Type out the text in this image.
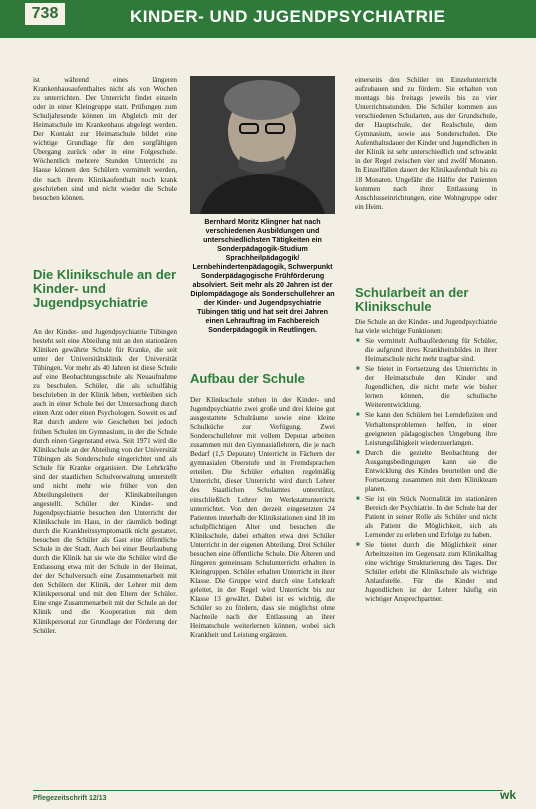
KINDER- UND JUGENDPSYCHIATRIE
738

ist während eines längeren Krankenhausaufenthaltes nicht als von Wochen zu unterrichten. Der Unterricht findet einzeln oder in einer Kleingruppe statt. Prüfungen zum Schuljahrsende können im Abgleich mit der Heimatschule im Krankenhaus abgelegt werden. Der Kontakt zur Heimatschule bildet eine wichtige Grundlage für den sorgfältigen Übergang zurück oder in eine Folgeschule. Wöchentlich mehrere Stunden Unterricht zu Hause können den Schülern vermittelt werden, die nach ihrem Klinikaufenthalt noch krank geschrieben sind und nicht wieder die Schule besuchen können.

Die Klinikschule an der Kinder- und Jugendpsychiatrie

An der Kinder- und Jugendpsychiatrie Tübingen besteht seit eine Abteilung mit an den stationären Kliniken gewährte Schule für Kranke, die seit unter der Universitätsklinik der Universität Tübingen. Vor mehr als 40 Jahren ist diese Schule auf eine Beobachtungsschule als Neuaufnahme zu beschulen. Schüler, die als schulfähig beschrieben in der Klinik leben, verbleiben sich auch in einer Schule bei der Untersuchung durch einen Arzt oder einen Psychologen. Soweit es auf Rat durch andere wie Geschehen bei jedoch frühen Schulen im Gymnasium, in der die Schule durch einen Gegenstand etwa. Seit 1971 wird die Klinikschule an der Abteilung von der Universität Tübingen als Sonderschule eingerichtet und als Schule für Kranke organisiert. Die Lehrkräfte sind der staatlichen Schulverwaltung unterstellt und nicht mehr wie früher von den Abteilungsleitern der Klinikabteilungen angestellt. Schüler der Kinder- und Jugendpsychiatrie besuchen den Unterricht der Klinikschule im Haus, in der räumlich bedingt durch die Krankheitssymptomatik nicht gestattet, besuchen die Schüler als Gast eine öffentliche Schule in der Stadt. Auch bei einer Beurlaubung durch die Klinik hat sie wie die Schüler wird die Entlassung etwa mit der Schule in der Heimat, der der Schulversuch eine Zusammenarbeit mit den Schülern der Klinik, der Lehrer mit dem Klinikpersonal und mit den Eltern der Schüler. Eine enge Zusammenarbeit mit der Schule an der Klinik und die Kooperation mit dem Klinikpersonal zur Grundlage der Förderung der Schüler.

Bernhard Moritz Klingner hat nach verschiedenen Ausbildungen und unterschiedlichsten Tätigkeiten ein Sonderpädagogik-Studium Sprachheilpädagogik/ Lernbehindertenpädagogik, Schwerpunkt Sonderpädagogische Frühförderung absolviert. Seit mehr als 20 Jahren ist der Diplompädagoge als Sonderschullehrer an der Kinder- und Jugendpsychiatrie Tübingen tätig und hat seit drei Jahren einen Lehrauftrag im Fachbereich Sonderpädagogik in Reutlingen.
Aufbau der Schule

Der Klinikschule stehen in der Kinder- und Jugendpsychiatrie zwei große und drei kleine gut ausgestattete Schulräume sowie eine kleine Schulküche zur Verfügung. Zwei Sonderschullehrer mit vollem Deputat arbeiten zusammen mit den Gymnasiallehrern, die je nach Bedarf (1,5 Deputate) Unterricht in Fächern der gymnasialen Oberstufe und in Fremdsprachen erteilen. Die Schüler erhalten regelmäßig Unterricht, dieser Unterricht wird durch Lehrer des Staatlichen Schulamtes unterstützt, einschließlich Lehrer im Werkstattunterricht unterrichtet. Von den derzeit eingesetzten 24 Patienten innerhalb der Klinikstationen sind 18 im schulpflichtigen Alter und besuchen die Klinikschule, dabei erhalten etwa drei Schüler Unterricht in der eigenen Abteilung. Drei Schüler besuchen eine öffentliche Schule. Die Älteren und Jüngeren gemeinsam Schulunterricht erhalten in Kleingruppen. Schüler erhalten Unterricht in ihrer Klasse. Die Gruppe wird durch eine Lehrkraft geleitet, in der Regel wird Unterricht bis zur Klasse 13 gewährt. Dabei ist es wichtig, die Schüler so zu fördern, dass sie möglichst ohne Nachteile nach der Entlassung an ihrer Heimatschule weiterlernen können, wobei sich Krankheit und Leistung ergänzen.

einerseits den Schüler im Einzelunterricht aufzubauen und zu fördern. Sie erhalten von montags bis freitags jeweils bis zu vier Unterrichtsstunden. Die Schüler kommen aus verschiedenen Schularten, aus der Grundschule, der Hauptschule, der Realschule, dem Gymnasium, sowie aus Sonderschulen. Die Aufenthaltsdauer der Kinder und Jugendlichen in der Klinik ist sehr unterschiedlich und schwankt in der Regel zwischen vier und zwölf Monaten. In Einzelfällen dauert der Klinikaufenthalt bis zu 18 Monaten. Ungefähr die Hälfte der Patienten kommen nach ihrer Entlassung in Anschlusseinrichtungen, eine Wohngruppe oder ein Heim.

Schularbeit an der Klinikschule

Die Schule an der Kinder- und Jugendpsychiatrie hat viele wichtige Funktionen:

■ Sie vermittelt Aufbauförderung für Schüler, die aufgrund ihres Krankheitsbildes in ihrer Heimatschule nicht mehr tragbar sind.
■ Sie bietet in Fortsetzung des Unterrichts in der Heimatschule den Kinder und Jugendlichen, die nicht mehr wie bisher lernen können, die schulische Weiterentwicklung.
■ Sie kann den Schülern bei Lerndefiziten und Verhaltensproblemen helfen, in einer geeigneten pädagogischen Umgebung ihre Leistungsfähigkeit wiederzuerlangen.
■ Durch die gezielte Beobachtung der Ausgangsbedingungen kann sie die Entwicklung des Kindes beurteilen und die Fortsetzung zusammen mit dem Klinikteam planen.
■ Sie ist ein Stück Normalität im stationären Bereich der Psychiatrie. In der Schule hat der Patient in seiner Rolle als Schüler und nicht als Patient die Möglichkeit, sich als Lernender zu erleben und Erfolge zu haben.
■ Sie bietet durch die Möglichkeit einer Arbeitszeiten im Gegensatz zum Klinikalltag eine wichtige Strukturierung des Tages. Der Schüler erlebt die Klinikschule als wichtige Anlaufstelle. Für die Kinder und Jugendlichen ist der Lehrer häufig ein wichtiger Ansprechpartner.
Pflegezeitschrift 12/13	wk
